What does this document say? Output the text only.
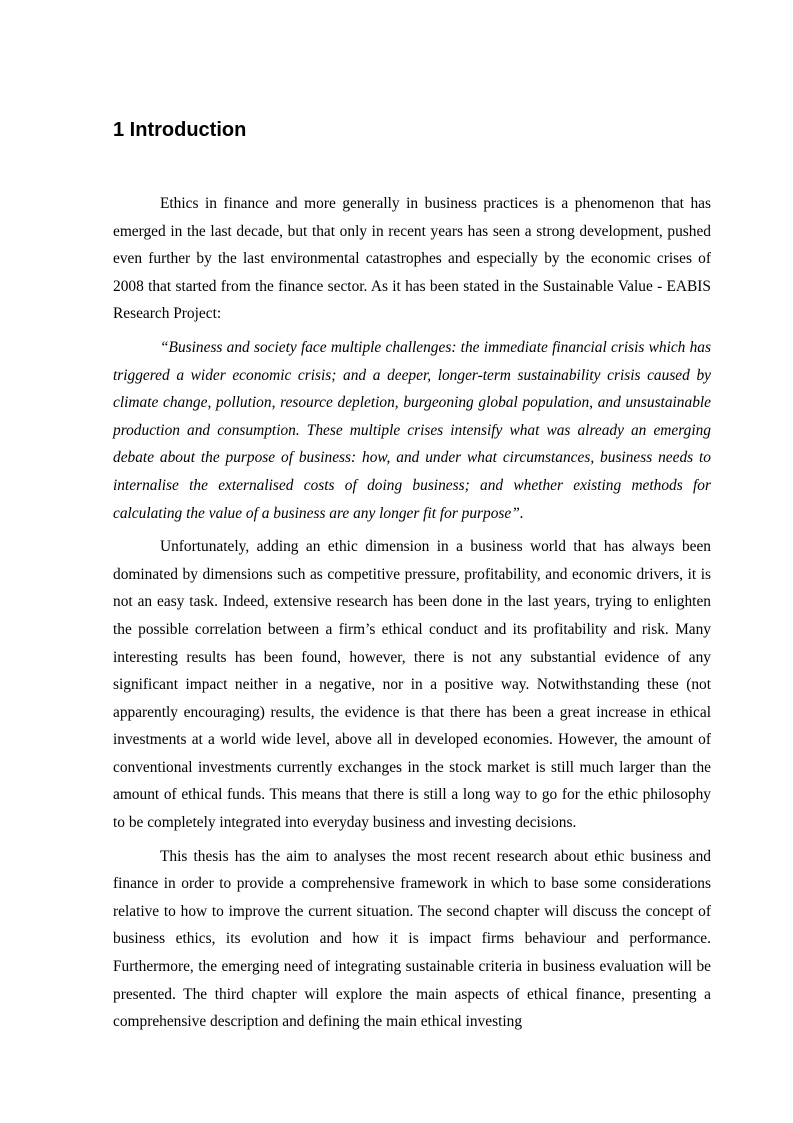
1 Introduction

Ethics in finance and more generally in business practices is a phenomenon that has emerged in the last decade, but that only in recent years has seen a strong development, pushed even further by the last environmental catastrophes and especially by the economic crises of 2008 that started from the finance sector. As it has been stated in the Sustainable Value - EABIS Research Project:

“Business and society face multiple challenges: the immediate financial crisis which has triggered a wider economic crisis; and a deeper, longer-term sustainability crisis caused by climate change, pollution, resource depletion, burgeoning global population, and unsustainable production and consumption. These multiple crises intensify what was already an emerging debate about the purpose of business: how, and under what circumstances, business needs to internalise the externalised costs of doing business; and whether existing methods for calculating the value of a business are any longer fit for purpose”.

Unfortunately, adding an ethic dimension in a business world that has always been dominated by dimensions such as competitive pressure, profitability, and economic drivers, it is not an easy task. Indeed, extensive research has been done in the last years, trying to enlighten the possible correlation between a firm’s ethical conduct and its profitability and risk. Many interesting results has been found, however, there is not any substantial evidence of any significant impact neither in a negative, nor in a positive way. Notwithstanding these (not apparently encouraging) results, the evidence is that there has been a great increase in ethical investments at a world wide level, above all in developed economies. However, the amount of conventional investments currently exchanges in the stock market is still much larger than the amount of ethical funds. This means that there is still a long way to go for the ethic philosophy to be completely integrated into everyday business and investing decisions.

This thesis has the aim to analyses the most recent research about ethic business and finance in order to provide a comprehensive framework in which to base some considerations relative to how to improve the current situation. The second chapter will discuss the concept of business ethics, its evolution and how it is impact firms behaviour and performance. Furthermore, the emerging need of integrating sustainable criteria in business evaluation will be presented. The third chapter will explore the main aspects of ethical finance, presenting a comprehensive description and defining the main ethical investing
